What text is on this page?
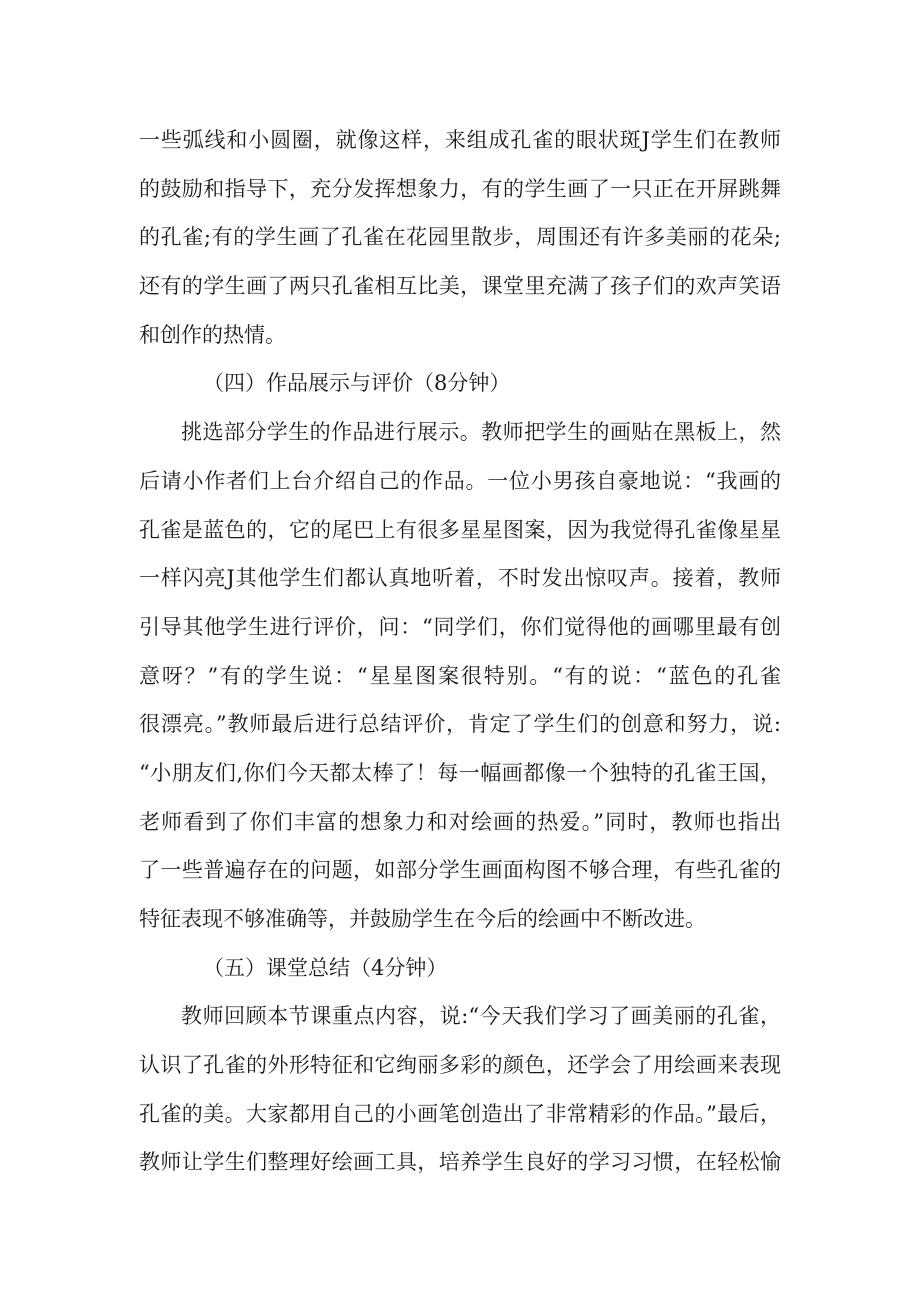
一些弧线和小圆圈，就像这样，来组成孔雀的眼状斑J学生们在教师
的鼓励和指导下，充分发挥想象力，有的学生画了一只正在开屏跳舞
的孔雀;有的学生画了孔雀在花园里散步，周围还有许多美丽的花朵;
还有的学生画了两只孔雀相互比美，课堂里充满了孩子们的欢声笑语
和创作的热情。
（四）作品展示与评价（8分钟）
挑选部分学生的作品进行展示。教师把学生的画贴在黑板上，然
后请小作者们上台介绍自己的作品。一位小男孩自豪地说：“我画的
孔雀是蓝色的，它的尾巴上有很多星星图案，因为我觉得孔雀像星星
一样闪亮J其他学生们都认真地听着，不时发出惊叹声。接着，教师
引导其他学生进行评价，问：“同学们，你们觉得他的画哪里最有创
意呀？”有的学生说：“星星图案很特别。“有的说：“蓝色的孔雀
很漂亮。”教师最后进行总结评价，肯定了学生们的创意和努力，说:
“小朋友们,你们今天都太棒了！每一幅画都像一个独特的孔雀王国，
老师看到了你们丰富的想象力和对绘画的热爱。”同时，教师也指出
了一些普遍存在的问题，如部分学生画面构图不够合理，有些孔雀的
特征表现不够准确等，并鼓励学生在今后的绘画中不断改进。
（五）课堂总结（4分钟）
教师回顾本节课重点内容，说:“今天我们学习了画美丽的孔雀，
认识了孔雀的外形特征和它绚丽多彩的颜色，还学会了用绘画来表现
孔雀的美。大家都用自己的小画笔创造出了非常精彩的作品。”最后，
教师让学生们整理好绘画工具，培养学生良好的学习习惯，在轻松愉
